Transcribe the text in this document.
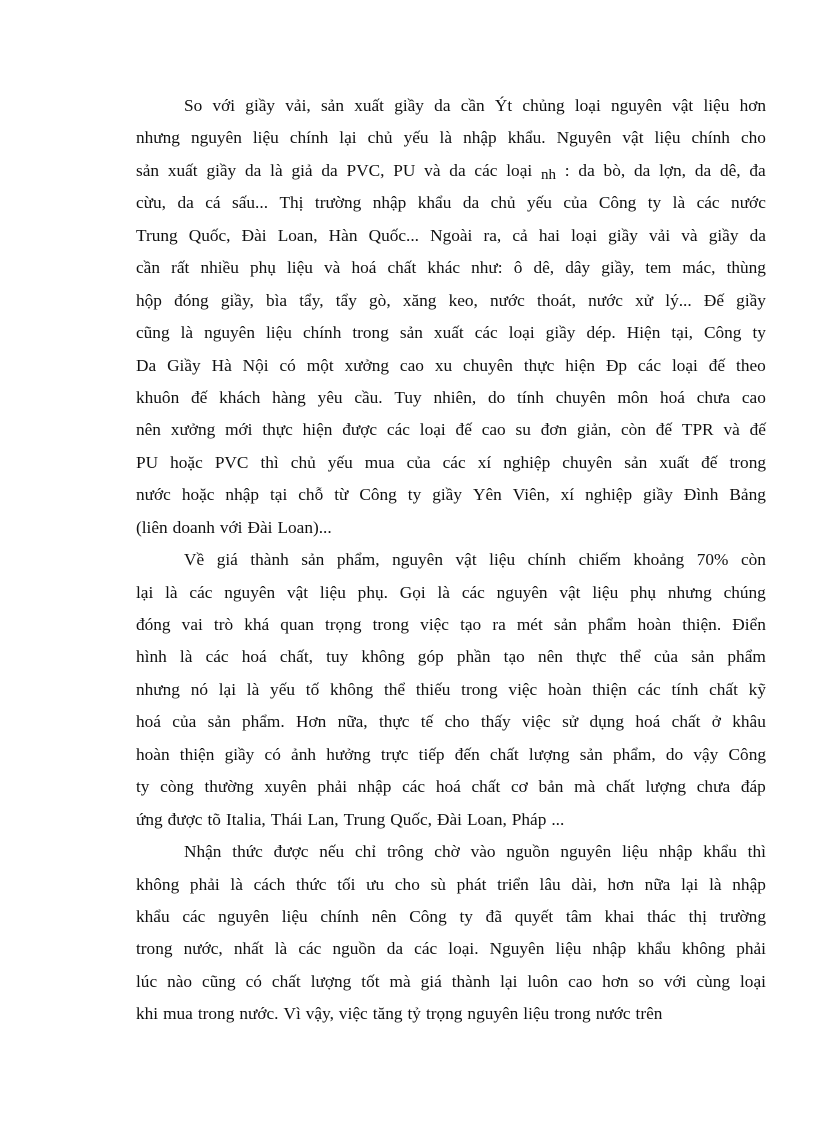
So với giầy vải, sản xuất giầy da cần Ýt chủng loại nguyên vật liệu hơn
nhưng nguyên liệu chính lại chủ yếu là nhập khẩu. Nguyên vật liệu chính cho
sản xuất giầy da là giả da PVC, PU và da các loại nh : da bò, da lợn, da dê, đa
cừu, da cá sấu... Thị trường nhập khẩu da chủ yếu của Công ty là các nước
Trung Quốc, Đài Loan, Hàn Quốc... Ngoài ra, cả hai loại giầy vải và giầy da
cần rất nhiều phụ liệu và hoá chất khác như: ô dê, dây giầy, tem mác, thùng
hộp đóng giầy, bìa tẩy, tẩy gò, xăng keo, nước thoát, nước xử lý... Đế giầy
cũng là nguyên liệu chính trong sản xuất các loại giầy dép. Hiện tại, Công ty
Da Giầy Hà Nội có một xưởng cao xu chuyên thực hiện Đp các loại đế theo
khuôn đế khách hàng yêu cầu. Tuy nhiên, do tính chuyên môn hoá chưa cao
nên xưởng mới thực hiện được các loại đế cao su đơn giản, còn đế TPR và đế
PU hoặc PVC thì chủ yếu mua của các xí nghiệp chuyên sản xuất đế trong
nước hoặc nhập tại chỗ từ Công ty giầy Yên Viên, xí nghiệp giầy Đình Bảng
(liên doanh với Đài Loan)...
Về giá thành sản phẩm, nguyên vật liệu chính chiếm khoảng 70% còn
lại là các nguyên vật liệu phụ. Gọi là các nguyên vật liệu phụ nhưng chúng
đóng vai trò khá quan trọng trong việc tạo ra mét sản phẩm hoàn thiện. Điển
hình là các hoá chất, tuy không góp phần tạo nên thực thể của sản phẩm
nhưng nó lại là yếu tố không thể thiếu trong việc hoàn thiện các tính chất kỹ
hoá của sản phẩm. Hơn nữa, thực tế cho thấy việc sử dụng hoá chất ở khâu
hoàn thiện giầy có ảnh hưởng trực tiếp đến chất lượng sản phẩm, do vậy Công
ty còng thường xuyên phải nhập các hoá chất cơ bản mà chất lượng chưa đáp
ứng được tõ Italia, Thái Lan, Trung Quốc, Đài Loan, Pháp ...
Nhận thức được nếu chỉ trông chờ vào nguồn nguyên liệu nhập khẩu thì
không phải là cách thức tối ưu cho sù phát triển lâu dài, hơn nữa lại là nhập
khẩu các nguyên liệu chính nên Công ty đã quyết tâm khai thác thị trường
trong nước, nhất là các nguồn da các loại. Nguyên liệu nhập khẩu không phải
lúc nào cũng có chất lượng tốt mà giá thành lại luôn cao hơn so với cùng loại
khi mua trong nước. Vì vậy, việc tăng tỷ trọng nguyên liệu trong nước trên
